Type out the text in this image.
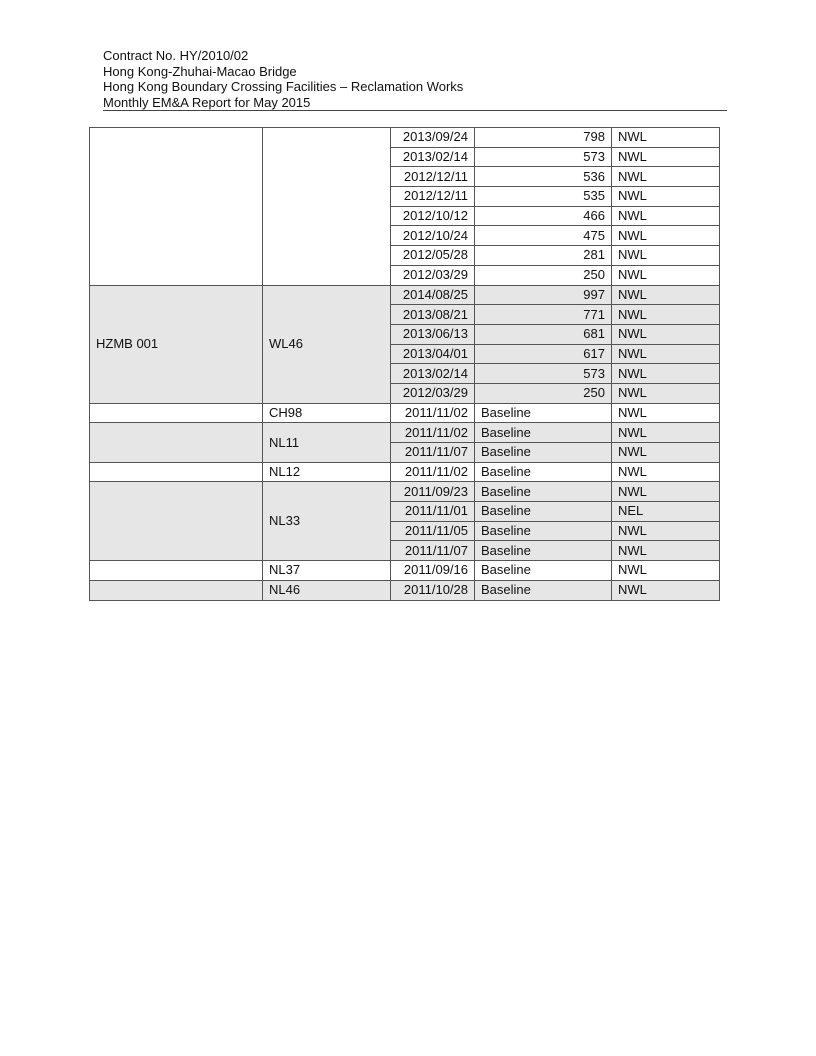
Contract No. HY/2010/02
Hong Kong-Zhuhai-Macao Bridge
Hong Kong Boundary Crossing Facilities – Reclamation Works
Monthly EM&A Report for May 2015
		2013/09/24	798	NWL
		2013/02/14	573	NWL
		2012/12/11	536	NWL
		2012/12/11	535	NWL
		2012/10/12	466	NWL
		2012/10/24	475	NWL
		2012/05/28	281	NWL
		2012/03/29	250	NWL
HZMB 001	WL46	2014/08/25	997	NWL
		2013/08/21	771	NWL
		2013/06/13	681	NWL
		2013/04/01	617	NWL
		2013/02/14	573	NWL
		2012/03/29	250	NWL
	CH98	2011/11/02	Baseline	NWL
	NL11	2011/11/02	Baseline	NWL
		2011/11/07	Baseline	NWL
	NL12	2011/11/02	Baseline	NWL
	NL33	2011/09/23	Baseline	NWL
		2011/11/01	Baseline	NEL
		2011/11/05	Baseline	NWL
		2011/11/07	Baseline	NWL
	NL37	2011/09/16	Baseline	NWL
	NL46	2011/10/28	Baseline	NWL
